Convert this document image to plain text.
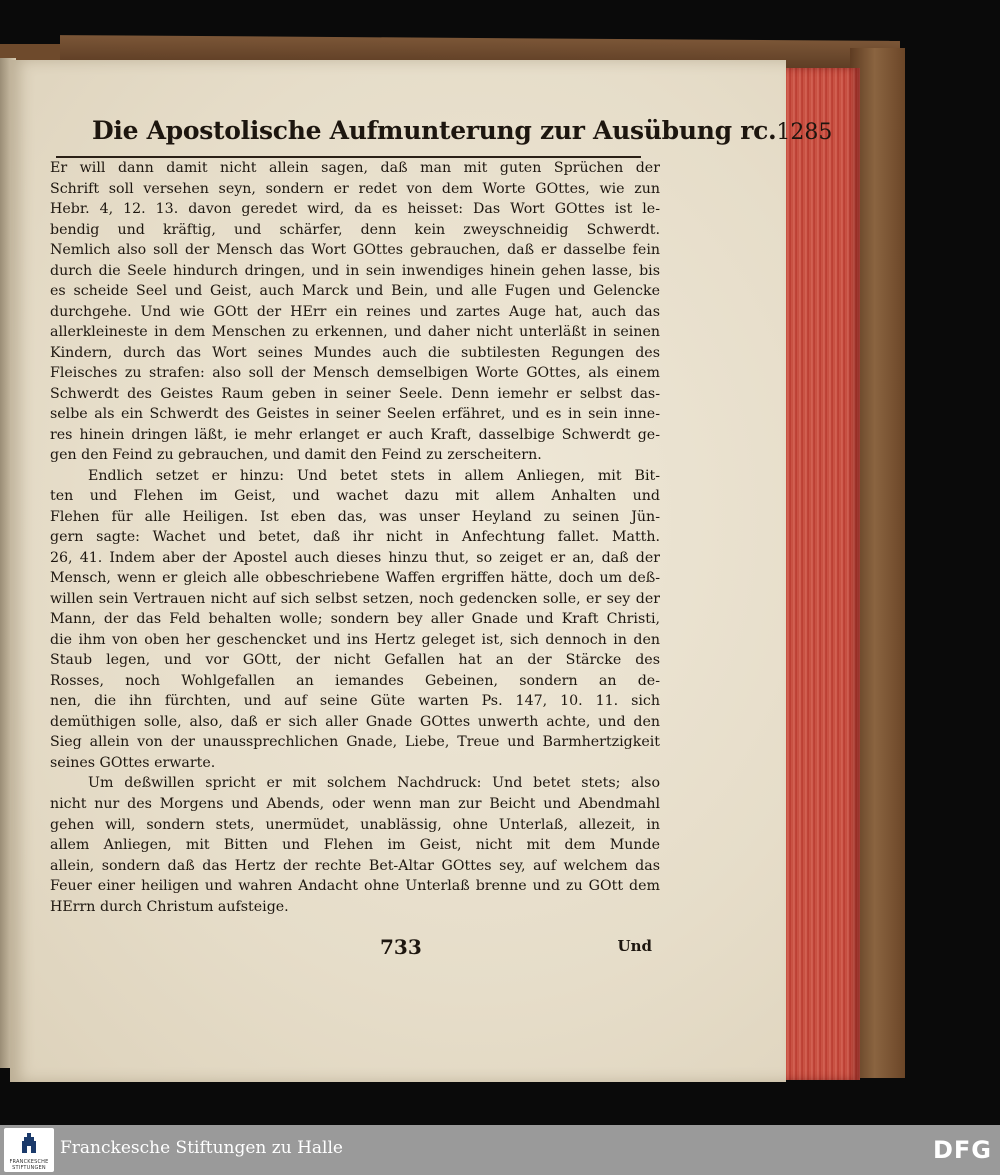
Die Apostolische Aufmunterung zur Ausübung rc. 1285
Er will dann damit nicht allein sagen, daß man mit guten Sprüchen der
Schrift soll versehen seyn, sondern er redet von dem Worte GOttes, wie zun
Hebr. 4, 12. 13. davon geredet wird, da es heisset: Das Wort GOttes ist le-
bendig und kräftig, und schärfer, denn kein zweyschneidig Schwerdt.
Nemlich also soll der Mensch das Wort GOttes gebrauchen, daß er dasselbe fein
durch die Seele hindurch dringen, und in sein inwendiges hinein gehen lasse, bis
es scheide Seel und Geist, auch Marck und Bein, und alle Fugen und Gelencke
durchgehe. Und wie GOtt der HErr ein reines und zartes Auge hat, auch das
allerkleineste in dem Menschen zu erkennen, und daher nicht unterläßt in seinen
Kindern, durch das Wort seines Mundes auch die subtilesten Regungen des
Fleisches zu strafen: also soll der Mensch demselbigen Worte GOttes, als einem
Schwerdt des Geistes Raum geben in seiner Seele. Denn iemehr er selbst das-
selbe als ein Schwerdt des Geistes in seiner Seelen erfähret, und es in sein inne-
res hinein dringen läßt, ie mehr erlanget er auch Kraft, dasselbige Schwerdt ge-
gen den Feind zu gebrauchen, und damit den Feind zu zerscheitern.
Endlich setzet er hinzu: Und betet stets in allem Anliegen, mit Bit-
ten und Flehen im Geist, und wachet dazu mit allem Anhalten und
Flehen für alle Heiligen. Ist eben das, was unser Heyland zu seinen Jün-
gern sagte: Wachet und betet, daß ihr nicht in Anfechtung fallet. Matth.
26, 41. Indem aber der Apostel auch dieses hinzu thut, so zeiget er an, daß der
Mensch, wenn er gleich alle obbeschriebene Waffen ergriffen hätte, doch um deß-
willen sein Vertrauen nicht auf sich selbst setzen, noch gedencken solle, er sey der
Mann, der das Feld behalten wolle; sondern bey aller Gnade und Kraft Christi,
die ihm von oben her geschencket und ins Hertz geleget ist, sich dennoch in den
Staub legen, und vor GOtt, der nicht Gefallen hat an der Stärcke des
Rosses, noch Wohlgefallen an iemandes Gebeinen, sondern an de-
nen, die ihn fürchten, und auf seine Güte warten Ps. 147, 10. 11. sich
demüthigen solle, also, daß er sich aller Gnade GOttes unwerth achte, und den
Sieg allein von der unaussprechlichen Gnade, Liebe, Treue und Barmhertzigkeit
seines GOttes erwarte.
Um deßwillen spricht er mit solchem Nachdruck: Und betet stets; also
nicht nur des Morgens und Abends, oder wenn man zur Beicht und Abendmahl
gehen will, sondern stets, unermüdet, unablässig, ohne Unterlaß, allezeit, in
allem Anliegen, mit Bitten und Flehen im Geist, nicht mit dem Munde
allein, sondern daß das Hertz der rechte Bet-Altar GOttes sey, auf welchem das
Feuer einer heiligen und wahren Andacht ohne Unterlaß brenne und zu GOtt dem
HErrn durch Christum aufsteige.
733	Und
FRANCKESCHE STIFTUNGEN
Franckesche Stiftungen zu Halle	DFG
